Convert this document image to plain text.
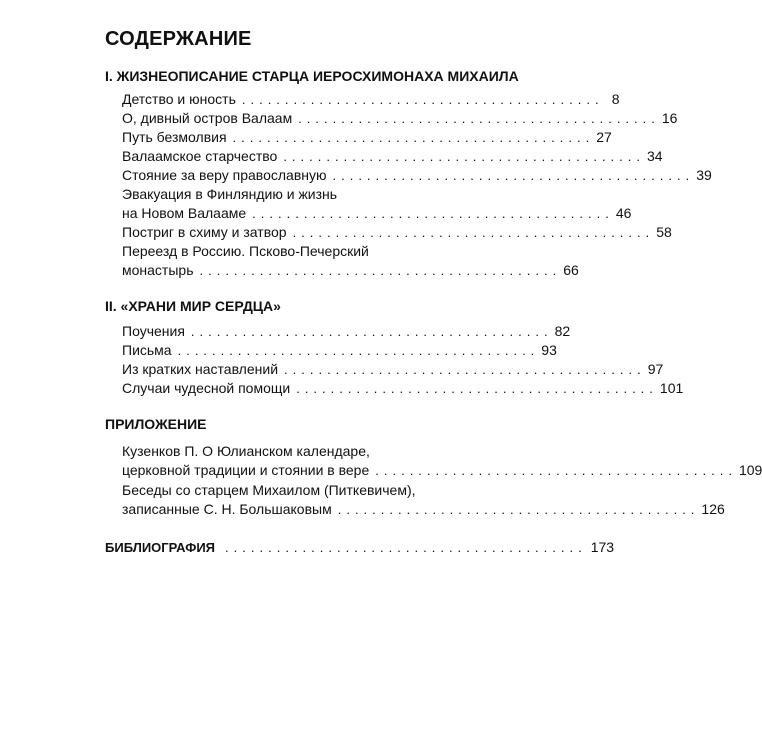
СОДЕРЖАНИЕ
I. ЖИЗНЕОПИСАНИЕ СТАРЦА ИЕРОСХИМОНАХА МИХАИЛА
Детство и юность .......................................... 8
О, дивный остров Валаам .......................................... 16
Путь безмолвия .......................................... 27
Валаамское старчество .......................................... 34
Стояние за веру православную .......................................... 39
Эвакуация в Финляндию и жизнь
на Новом Валааме .......................................... 46
Постриг в схиму и затвор .......................................... 58
Переезд в Россию. Псково-Печерский
монастырь .......................................... 66
II. «ХРАНИ МИР СЕРДЦА»
Поучения .......................................... 82
Письма .......................................... 93
Из кратких наставлений .......................................... 97
Случаи чудесной помощи .......................................... 101
ПРИЛОЖЕНИЕ
Кузенков П. О Юлианском календаре,
церковной традиции и стоянии в вере .......................................... 109
Беседы со старцем Михаилом (Питкевичем),
записанные С. Н. Большаковым .......................................... 126
БИБЛИОГРАФИЯ .......................................... 173
